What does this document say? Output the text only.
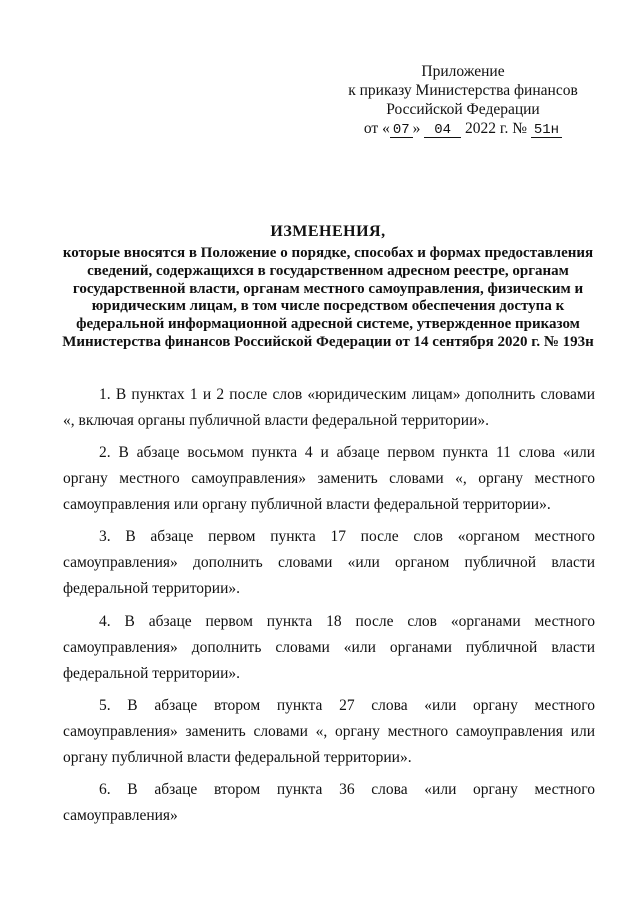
Приложение
к приказу Министерства финансов
Российской Федерации
от « 07 » 04 2022 г. № 51н
ИЗМЕНЕНИЯ,
которые вносятся в Положение о порядке, способах и формах предоставления сведений, содержащихся в государственном адресном реестре, органам государственной власти, органам местного самоуправления, физическим и юридическим лицам, в том числе посредством обеспечения доступа к федеральной информационной адресной системе, утвержденное приказом Министерства финансов Российской Федерации от 14 сентября 2020 г. № 193н

1. В пунктах 1 и 2 после слов «юридическим лицам» дополнить словами «, включая органы публичной власти федеральной территории».

2. В абзаце восьмом пункта 4 и абзаце первом пункта 11 слова «или органу местного самоуправления» заменить словами «, органу местного самоуправления или органу публичной власти федеральной территории».

3. В абзаце первом пункта 17 после слов «органом местного самоуправления» дополнить словами «или органом публичной власти федеральной территории».

4. В абзаце первом пункта 18 после слов «органами местного самоуправления» дополнить словами «или органами публичной власти федеральной территории».

5. В абзаце втором пункта 27 слова «или органу местного самоуправления» заменить словами «, органу местного самоуправления или органу публичной власти федеральной территории».

6. В абзаце втором пункта 36 слова «или органу местного самоуправления»
